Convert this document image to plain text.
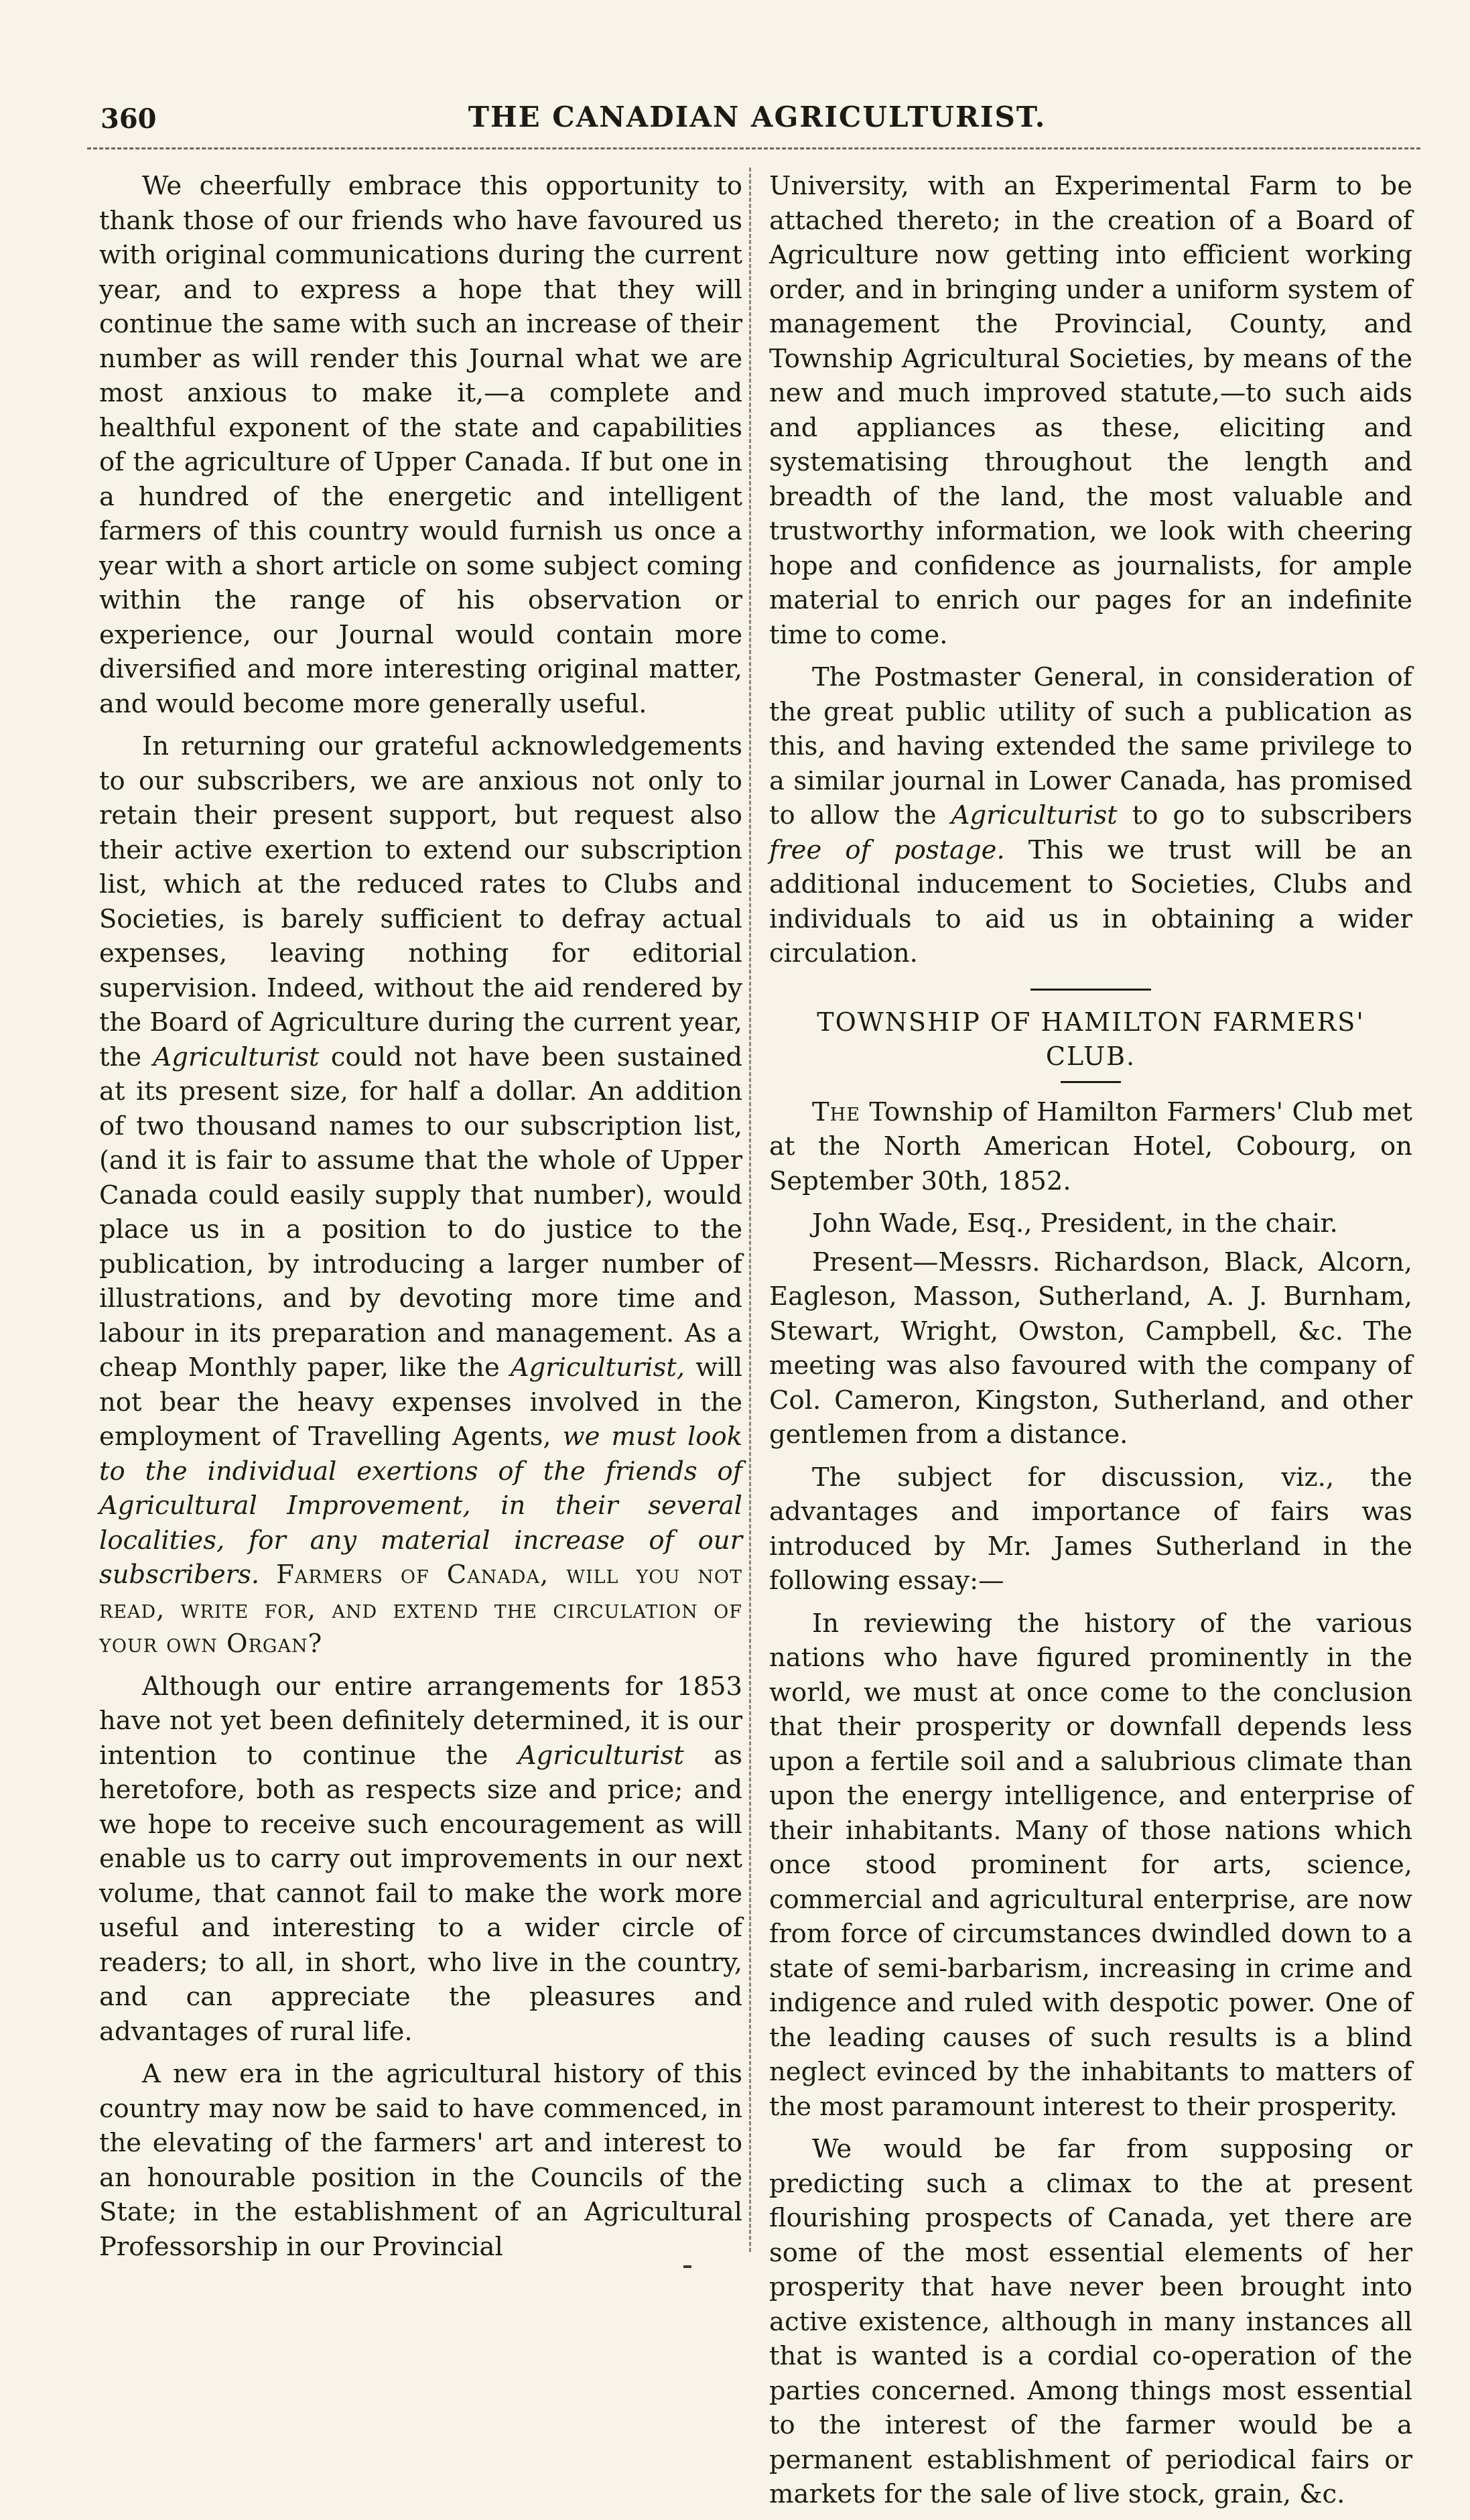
360	THE CANADIAN AGRICULTURIST.

We cheerfully embrace this opportunity to thank those of our friends who have favoured us with original communications during the current year, and to express a hope that they will continue the same with such an increase of their number as will render this Journal what we are most anxious to make it,—a complete and healthful exponent of the state and capabilities of the agriculture of Upper Canada. If but one in a hundred of the energetic and intelligent farmers of this country would furnish us once a year with a short article on some subject coming within the range of his observation or experience, our Journal would contain more diversified and more interesting original matter, and would become more generally useful.

In returning our grateful acknowledgements to our subscribers, we are anxious not only to retain their present support, but request also their active exertion to extend our subscription list, which at the reduced rates to Clubs and Societies, is barely sufficient to defray actual expenses, leaving nothing for editorial supervision. Indeed, without the aid rendered by the Board of Agriculture during the current year, the Agriculturist could not have been sustained at its present size, for half a dollar. An addition of two thousand names to our subscription list, (and it is fair to assume that the whole of Upper Canada could easily supply that number), would place us in a position to do justice to the publication, by introducing a larger number of illustrations, and by devoting more time and labour in its preparation and management. As a cheap Monthly paper, like the Agriculturist, will not bear the heavy expenses involved in the employment of Travelling Agents, we must look to the individual exertions of the friends of Agricultural Improvement, in their several localities, for any material increase of our subscribers. Farmers of Canada, will you not read, write for, and extend the circulation of your own Organ?

Although our entire arrangements for 1853 have not yet been definitely determined, it is our intention to continue the Agriculturist as heretofore, both as respects size and price; and we hope to receive such encouragement as will enable us to carry out improvements in our next volume, that cannot fail to make the work more useful and interesting to a wider circle of readers; to all, in short, who live in the country, and can appreciate the pleasures and advantages of rural life.

A new era in the agricultural history of this country may now be said to have commenced, in the elevating of the farmers' art and interest to an honourable position in the Councils of the State; in the establishment of an Agricultural Professorship in our Provincial

University, with an Experimental Farm to be attached thereto; in the creation of a Board of Agriculture now getting into efficient working order, and in bringing under a uniform system of management the Provincial, County, and Township Agricultural Societies, by means of the new and much improved statute,—to such aids and appliances as these, eliciting and systematising throughout the length and breadth of the land, the most valuable and trustworthy information, we look with cheering hope and confidence as journalists, for ample material to enrich our pages for an indefinite time to come.

The Postmaster General, in consideration of the great public utility of such a publication as this, and having extended the same privilege to a similar journal in Lower Canada, has promised to allow the Agriculturist to go to subscribers free of postage. This we trust will be an additional inducement to Societies, Clubs and individuals to aid us in obtaining a wider circulation.

TOWNSHIP OF HAMILTON FARMERS' CLUB.

The Township of Hamilton Farmers' Club met at the North American Hotel, Cobourg, on September 30th, 1852.

John Wade, Esq., President, in the chair.

Present—Messrs. Richardson, Black, Alcorn, Eagleson, Masson, Sutherland, A. J. Burnham, Stewart, Wright, Owston, Campbell, &c. The meeting was also favoured with the company of Col. Cameron, Kingston, Sutherland, and other gentlemen from a distance.

The subject for discussion, viz., the advantages and importance of fairs was introduced by Mr. James Sutherland in the following essay:—

In reviewing the history of the various nations who have figured prominently in the world, we must at once come to the conclusion that their prosperity or downfall depends less upon a fertile soil and a salubrious climate than upon the energy intelligence, and enterprise of their inhabitants. Many of those nations which once stood prominent for arts, science, commercial and agricultural enterprise, are now from force of circumstances dwindled down to a state of semi-barbarism, increasing in crime and indigence and ruled with despotic power. One of the leading causes of such results is a blind neglect evinced by the inhabitants to matters of the most paramount interest to their prosperity.

We would be far from supposing or predicting such a climax to the at present flourishing prospects of Canada, yet there are some of the most essential elements of her prosperity that have never been brought into active existence, although in many instances all that is wanted is a cordial co-operation of the parties concerned. Among things most essential to the interest of the farmer would be a permanent establishment of periodical fairs or markets for the sale of live stock, grain, &c.
